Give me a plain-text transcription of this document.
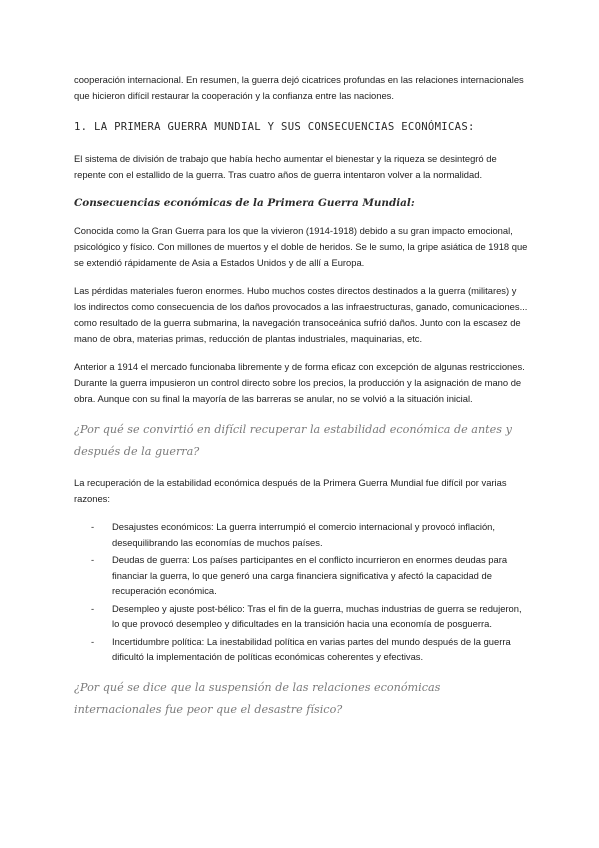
cooperación internacional. En resumen, la guerra dejó cicatrices profundas en las relaciones internacionales que hicieron difícil restaurar la cooperación y la confianza entre las naciones.

1. LA PRIMERA GUERRA MUNDIAL Y SUS CONSECUENCIAS ECONÓMICAS:

El sistema de división de trabajo que había hecho aumentar el bienestar y la riqueza se desintegró de repente con el estallido de la guerra. Tras cuatro años de guerra intentaron volver a la normalidad.

Consecuencias económicas de la Primera Guerra Mundial:

Conocida como la Gran Guerra para los que la vivieron (1914-1918) debido a su gran impacto emocional, psicológico y físico. Con millones de muertos y el doble de heridos. Se le sumo, la gripe asiática de 1918 que se extendió rápidamente de Asia a Estados Unidos y de allí a Europa.

Las pérdidas materiales fueron enormes. Hubo muchos costes directos destinados a la guerra (militares) y los indirectos como consecuencia de los daños provocados a las infraestructuras, ganado, comunicaciones... como resultado de la guerra submarina, la navegación transoceánica sufrió daños. Junto con la escasez de mano de obra, materias primas, reducción de plantas industriales, maquinarias, etc.

Anterior a 1914 el mercado funcionaba libremente y de forma eficaz con excepción de algunas restricciones. Durante la guerra impusieron un control directo sobre los precios, la producción y la asignación de mano de obra. Aunque con su final la mayoría de las barreras se anular, no se volvió a la situación inicial.

¿Por qué se convirtió en difícil recuperar la estabilidad económica de antes y después de la guerra?

La recuperación de la estabilidad económica después de la Primera Guerra Mundial fue difícil por varias razones:

- Desajustes económicos: La guerra interrumpió el comercio internacional y provocó inflación, desequilibrando las economías de muchos países.
- Deudas de guerra: Los países participantes en el conflicto incurrieron en enormes deudas para financiar la guerra, lo que generó una carga financiera significativa y afectó la capacidad de recuperación económica.
- Desempleo y ajuste post-bélico: Tras el fin de la guerra, muchas industrias de guerra se redujeron, lo que provocó desempleo y dificultades en la transición hacia una economía de posguerra.
- Incertidumbre política: La inestabilidad política en varias partes del mundo después de la guerra dificultó la implementación de políticas económicas coherentes y efectivas.
¿Por qué se dice que la suspensión de las relaciones económicas internacionales fue peor que el desastre físico?
